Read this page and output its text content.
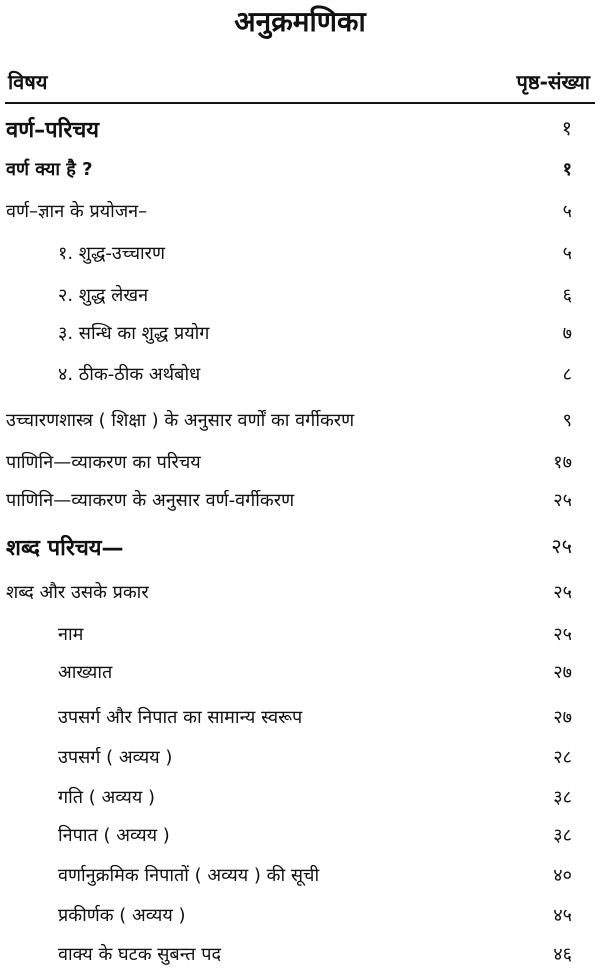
अनुक्रमणिका
विषय	पृष्ठ-संख्या
वर्ण–परिचय	१
वर्ण क्या है ?	१
वर्ण–ज्ञान के प्रयोजन–	५
१. शुद्ध-उच्चारण	५
२. शुद्ध लेखन	६
३. सन्धि का शुद्ध प्रयोग	७
४. ठीक-ठीक अर्थबोध	८
उच्चारणशास्त्र ( शिक्षा ) के अनुसार वर्णों का वर्गीकरण	९
पाणिनि—व्याकरण का परिचय	१७
पाणिनि—व्याकरण के अनुसार वर्ण-वर्गीकरण	२५
शब्द परिचय—	२५
शब्द और उसके प्रकार	२५
नाम	२५
आख्यात	२७
उपसर्ग और निपात का सामान्य स्वरूप	२७
उपसर्ग ( अव्यय )	२८
गति ( अव्यय )	३८
निपात ( अव्यय )	३८
वर्णानुक्रमिक निपातों ( अव्यय ) की सूची	४०
प्रकीर्णक ( अव्यय )	४५
वाक्य के घटक सुबन्त पद	४६
